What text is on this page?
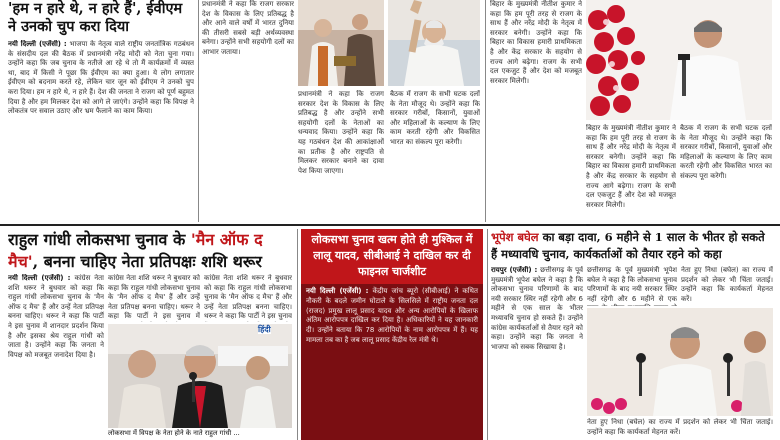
'हम न हारे थे, न हारे हैं', ईवीएम ने उनको चुप करा दिया

नयी दिल्ली (एजेंसी) : भाजपा के नेतृत्व वाले राष्ट्रीय जनतांत्रिक गठबंधन के संसदीय दल की बैठक में प्रधानमंत्री नरेंद्र मोदी को नेता चुना गया। उन्होंने कहा कि जब चुनाव के नतीजे आ रहे थे तो मैं कार्यक्रमों में व्यस्त था, बाद में किसी ने पूछा कि ईवीएम का क्या हुआ। ये लोग लगातार ईवीएम को बदनाम करते रहे, लेकिन चार जून को ईवीएम ने उनको चुप करा दिया। हम न हारे थे, न हारे हैं। देश की जनता ने राजग को पूर्ण बहुमत दिया है और हम मिलकर देश को आगे ले जाएंगे। उन्होंने कहा कि विपक्ष ने लोकतंत्र पर सवाल उठाए और भ्रम फैलाने का काम किया।

प्रधानमंत्री ने कहा कि राजग सरकार देश के विकास के लिए प्रतिबद्ध है और आने वाले वर्षों में भारत दुनिया की तीसरी सबसे बड़ी अर्थव्यवस्था बनेगा। उन्होंने सभी सहयोगी दलों का आभार जताया।

प्रधानमंत्री ने कहा कि राजग सरकार देश के विकास के लिए प्रतिबद्ध है और उन्होंने सभी सहयोगी दलों के नेताओं का धन्यवाद किया। उन्होंने कहा कि यह गठबंधन देश की आकांक्षाओं का प्रतीक है और राष्ट्रपति से मिलकर सरकार बनाने का दावा पेश किया जाएगा।

बैठक में राजग के सभी घटक दलों के नेता मौजूद थे। उन्होंने कहा कि सरकार गरीबों, किसानों, युवाओं और महिलाओं के कल्याण के लिए काम करती रहेगी और विकसित भारत का संकल्प पूरा करेगी।

बिहार के मुख्यमंत्री नीतीश कुमार ने कहा कि हम पूरी तरह से राजग के साथ हैं और नरेंद्र मोदी के नेतृत्व में सरकार बनेगी। उन्होंने कहा कि बिहार का विकास हमारी प्राथमिकता है और केंद्र सरकार के सहयोग से राज्य आगे बढ़ेगा। राजग के सभी दल एकजुट हैं और देश को मजबूत सरकार मिलेगी।

बिहार के मुख्यमंत्री नीतीश कुमार ने कहा कि हम पूरी तरह से राजग के साथ हैं और नरेंद्र मोदी के नेतृत्व में सरकार बनेगी। उन्होंने कहा कि बिहार का विकास हमारी प्राथमिकता है और केंद्र सरकार के सहयोग से राज्य आगे बढ़ेगा। राजग के सभी दल एकजुट हैं और देश को मजबूत सरकार मिलेगी।

बैठक में राजग के सभी घटक दलों के नेता मौजूद थे। उन्होंने कहा कि सरकार गरीबों, किसानों, युवाओं और महिलाओं के कल्याण के लिए काम करती रहेगी और विकसित भारत का संकल्प पूरा करेगी।

राहुल गांधी लोकसभा चुनाव के 'मैन ऑफ द मैच', बनना चाहिए नेता प्रतिपक्षः शशि थरूर

नयी दिल्ली (एजेंसी) : कांग्रेस नेता शशि थरूर ने बुधवार को कहा कि राहुल गांधी लोकसभा चुनाव के 'मैन ऑफ द मैच' हैं और उन्हें नेता प्रतिपक्ष बनना चाहिए। थरूर ने कहा कि पार्टी ने इस चुनाव में शानदार प्रदर्शन किया है और इसका श्रेय राहुल गांधी को जाता है। उन्होंने कहा कि जनता ने विपक्ष को मजबूत जनादेश दिया है।

कांग्रेस नेता शशि थरूर ने बुधवार को कहा कि राहुल गांधी लोकसभा चुनाव के 'मैन ऑफ द मैच' हैं और उन्हें नेता प्रतिपक्ष बनना चाहिए। थरूर ने कहा कि पार्टी ने इस चुनाव में

कांग्रेस नेता शशि थरूर ने बुधवार को कहा कि राहुल गांधी लोकसभा चुनाव के 'मैन ऑफ द मैच' हैं और उन्हें नेता प्रतिपक्ष बनना चाहिए। थरूर ने कहा कि पार्टी ने इस चुनाव

हिंदी
लोकसभा में विपक्ष के नेता होने के नाते राहुल गांधी ...
लोकसभा चुनाव खत्म होते ही मुश्किल में लालू यादव, सीबीआई ने दाखिल कर दी फाइनल चार्जशीट

नयी दिल्ली (एजेंसी) : केंद्रीय जांच ब्यूरो (सीबीआई) ने कथित नौकरी के बदले जमीन घोटाले के सिलसिले में राष्ट्रीय जनता दल (राजद) प्रमुख लालू प्रसाद यादव और अन्य आरोपियों के खिलाफ अंतिम आरोपपत्र दाखिल कर दिया है। अधिकारियों ने यह जानकारी दी। उन्होंने बताया कि 78 आरोपियों के नाम आरोपपत्र में हैं। यह मामला तब का है जब लालू प्रसाद केंद्रीय रेल मंत्री थे।

भूपेश बघेल का बड़ा दावा, 6 महीने से 1 साल के भीतर हो सकते हैं मध्यावधि चुनाव, कार्यकर्ताओं को तैयार रहने को कहा

रायपुर (एजेंसी) : छत्तीसगढ़ के पूर्व मुख्यमंत्री भूपेश बघेल ने कहा है कि लोकसभा चुनाव परिणामों के बाद नयी सरकार स्थिर नहीं रहेगी और 6 महीने से एक साल के भीतर मध्यावधि चुनाव हो सकते हैं। उन्होंने कांग्रेस कार्यकर्ताओं से तैयार रहने को कहा। उन्होंने कहा कि जनता ने भाजपा को सबक सिखाया है।

छत्तीसगढ़ के पूर्व मुख्यमंत्री भूपेश बघेल ने कहा है कि लोकसभा चुनाव परिणामों के बाद नयी सरकार स्थिर नहीं रहेगी और 6 महीने से एक

नेता हुए निधा (बघेल) का राज्य में प्रदर्शन को लेकर भी चिंता जताई। उन्होंने कहा कि कार्यकर्ता मेहनत करें।

नेता हुए निधा (बघेल) का राज्य में प्रदर्शन को लेकर भी चिंता जताई। उन्होंने कहा कि कार्यकर्ता मेहनत करें।
